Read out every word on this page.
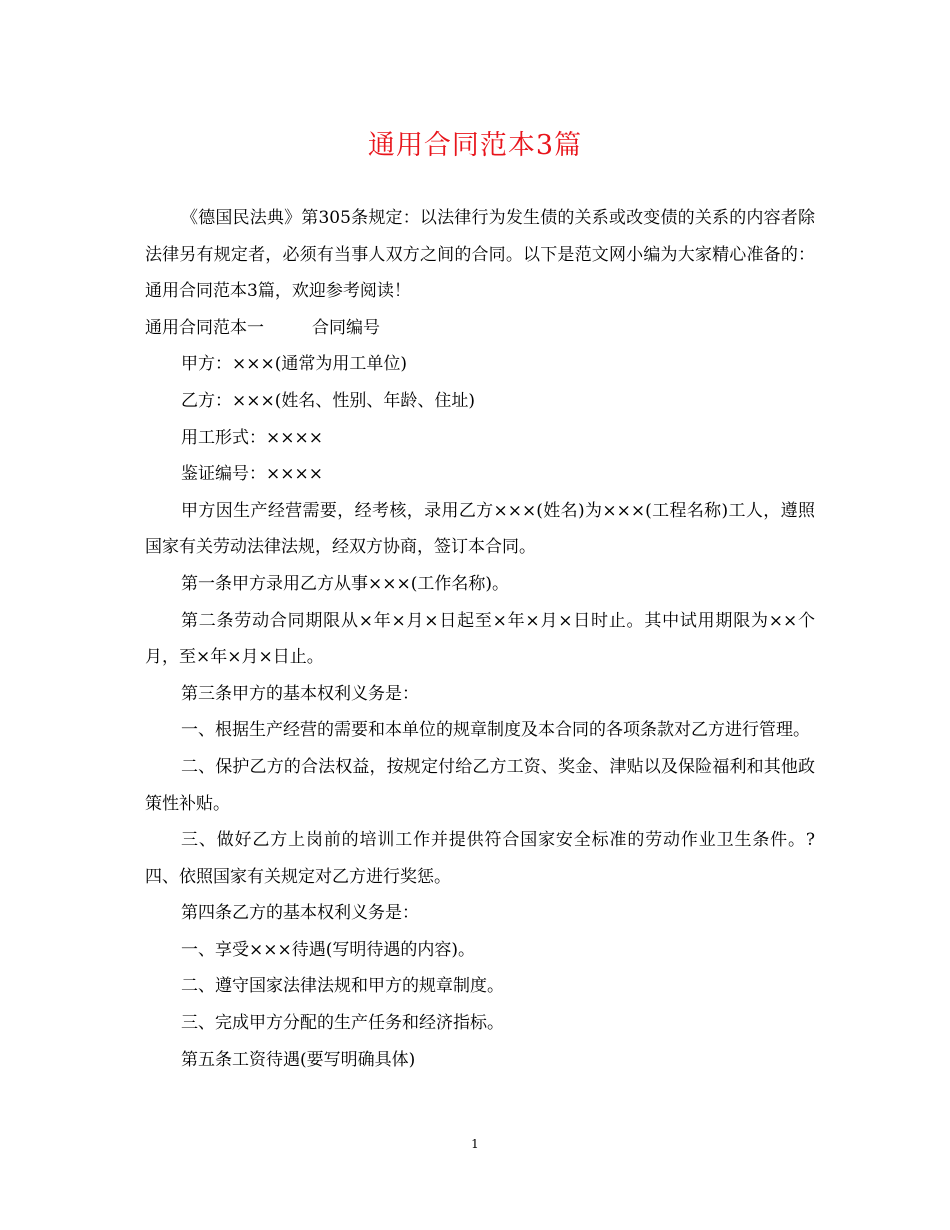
通用合同范本3篇

《德国民法典》第305条规定：以法律行为发生债的关系或改变债的关系的内容者除法律另有规定者，必须有当事人双方之间的合同。以下是范文网小编为大家精心准备的：通用合同范本3篇，欢迎参考阅读！

通用合同范本一	合同编号

甲方：×××(通常为用工单位)

乙方：×××(姓名、性别、年龄、住址)

用工形式：××××

鉴证编号：××××

甲方因生产经营需要，经考核，录用乙方×××(姓名)为×××(工程名称)工人，遵照国家有关劳动法律法规，经双方协商，签订本合同。

第一条甲方录用乙方从事×××(工作名称)。

第二条劳动合同期限从×年×月×日起至×年×月×日时止。其中试用期限为××个月，至×年×月×日止。

第三条甲方的基本权利义务是：

一、根据生产经营的需要和本单位的规章制度及本合同的各项条款对乙方进行管理。

二、保护乙方的合法权益，按规定付给乙方工资、奖金、津贴以及保险福利和其他政策性补贴。

三、做好乙方上岗前的培训工作并提供符合国家安全标准的劳动作业卫生条件。?四、依照国家有关规定对乙方进行奖惩。

第四条乙方的基本权利义务是：

一、享受×××待遇(写明待遇的内容)。

二、遵守国家法律法规和甲方的规章制度。

三、完成甲方分配的生产任务和经济指标。

第五条工资待遇(要写明确具体)

1
